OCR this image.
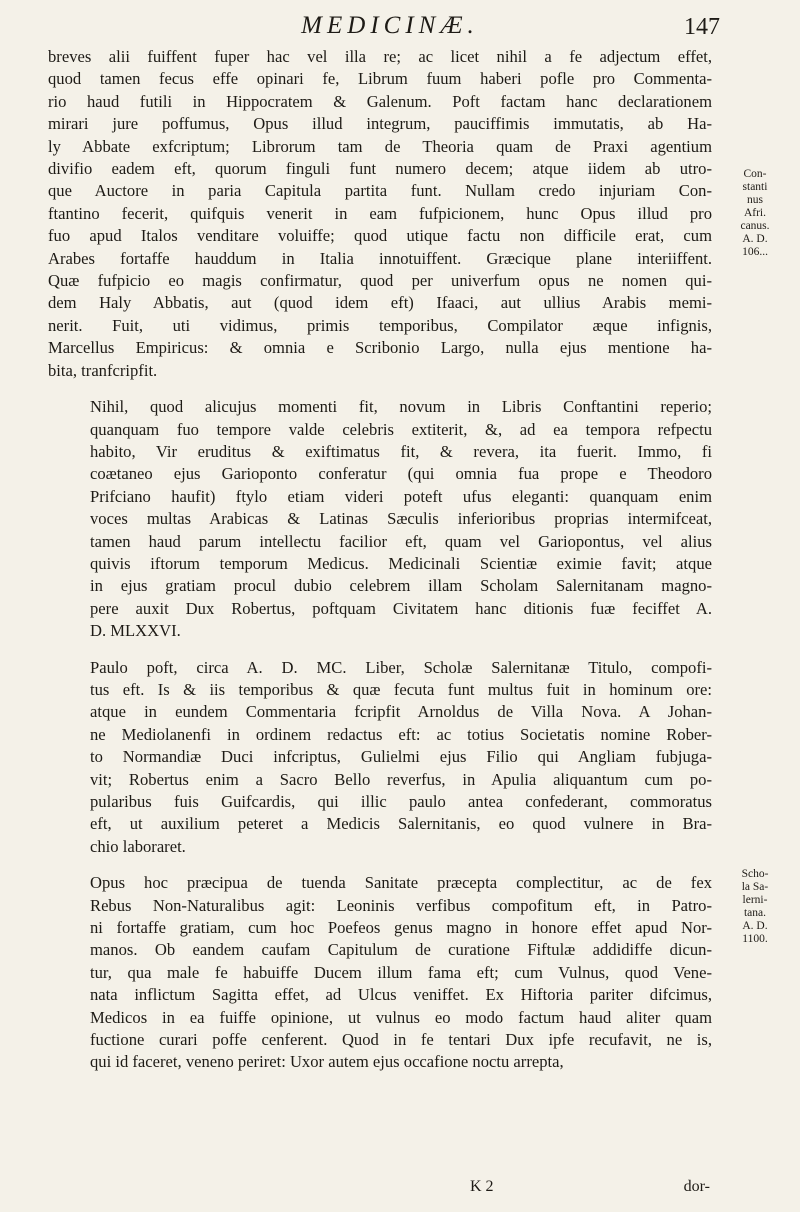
MEDICINÆ.	147

breves alii fuiffent fuper hac vel illa re; ac licet nihil a fe adjectum effet,
quod tamen fecus effe opinari fe, Librum fuum haberi pofle pro Commenta-
rio haud futili in Hippocratem & Galenum. Poft factam hanc declarationem
mirari jure poffumus, Opus illud integrum, pauciffimis immutatis, ab Ha-
ly Abbate exfcriptum; Librorum tam de Theoria quam de Praxi agentium
divifio eadem eft, quorum finguli funt numero decem; atque iidem ab utro-
que Auctore in paria Capitula partita funt. Nullam credo injuriam Con-
ftantino fecerit, quifquis venerit in eam fufpicionem, hunc Opus illud pro
fuo apud Italos venditare voluiffe; quod utique factu non difficile erat, cum
Arabes fortaffe hauddum in Italia innotuiffent. Græcique plane interiiffent.
Quæ fufpicio eo magis confirmatur, quod per univerfum opus ne nomen qui-
dem Haly Abbatis, aut (quod idem eft) Ifaaci, aut ullius Arabis memi-
nerit. Fuit, uti vidimus, primis temporibus, Compilator æque infignis,
Marcellus Empiricus: & omnia e Scribonio Largo, nulla ejus mentione ha-
bita, tranfcripfit.

Nihil, quod alicujus momenti fit, novum in Libris Conftantini reperio;
quanquam fuo tempore valde celebris extiterit, &, ad ea tempora refpectu
habito, Vir eruditus & exiftimatus fit, & revera, ita fuerit. Immo, fi
coætaneo ejus Garioponto conferatur (qui omnia fua prope e Theodoro
Prifciano haufit) ftylo etiam videri poteft ufus eleganti: quanquam enim
voces multas Arabicas & Latinas Sæculis inferioribus proprias intermifceat,
tamen haud parum intellectu facilior eft, quam vel Gariopontus, vel alius
quivis iftorum temporum Medicus. Medicinali Scientiæ eximie favit; atque
in ejus gratiam procul dubio celebrem illam Scholam Salernitanam magno-
pere auxit Dux Robertus, poftquam Civitatem hanc ditionis fuæ feciffet A.
D. MLXXVI.

Paulo poft, circa A. D. MC. Liber, Scholæ Salernitanæ Titulo, compofi-
tus eft. Is & iis temporibus & quæ fecuta funt multus fuit in hominum ore:
atque in eundem Commentaria fcripfit Arnoldus de Villa Nova. A Johan-
ne Mediolanenfi in ordinem redactus eft: ac totius Societatis nomine Rober-
to Normandiæ Duci infcriptus, Gulielmi ejus Filio qui Angliam fubjuga-
vit; Robertus enim a Sacro Bello reverfus, in Apulia aliquantum cum po-
pularibus fuis Guifcardis, qui illic paulo antea confederant, commoratus
eft, ut auxilium peteret a Medicis Salernitanis, eo quod vulnere in Bra-
chio laboraret.

Opus hoc præcipua de tuenda Sanitate præcepta complectitur, ac de fex
Rebus Non-Naturalibus agit: Leoninis verfibus compofitum eft, in Patro-
ni fortaffe gratiam, cum hoc Poefeos genus magno in honore effet apud Nor-
manos. Ob eandem caufam Capitulum de curatione Fiftulæ addidiffe dicun-
tur, qua male fe habuiffe Ducem illum fama eft; cum Vulnus, quod Vene-
nata inflictum Sagitta effet, ad Ulcus veniffet. Ex Hiftoria pariter difcimus,
Medicos in ea fuiffe opinione, ut vulnus eo modo factum haud aliter quam
fuctione curari poffe cenferent. Quod in fe tentari Dux ipfe recufavit, ne is,
qui id faceret, veneno periret: Uxor autem ejus occafione noctu arrepta,

Con-
stanti
nus
Afri.
canus.
A. D.
106...
Scho-
la Sa-
lerni-
tana.
A. D.
1100.
K 2	dor-
